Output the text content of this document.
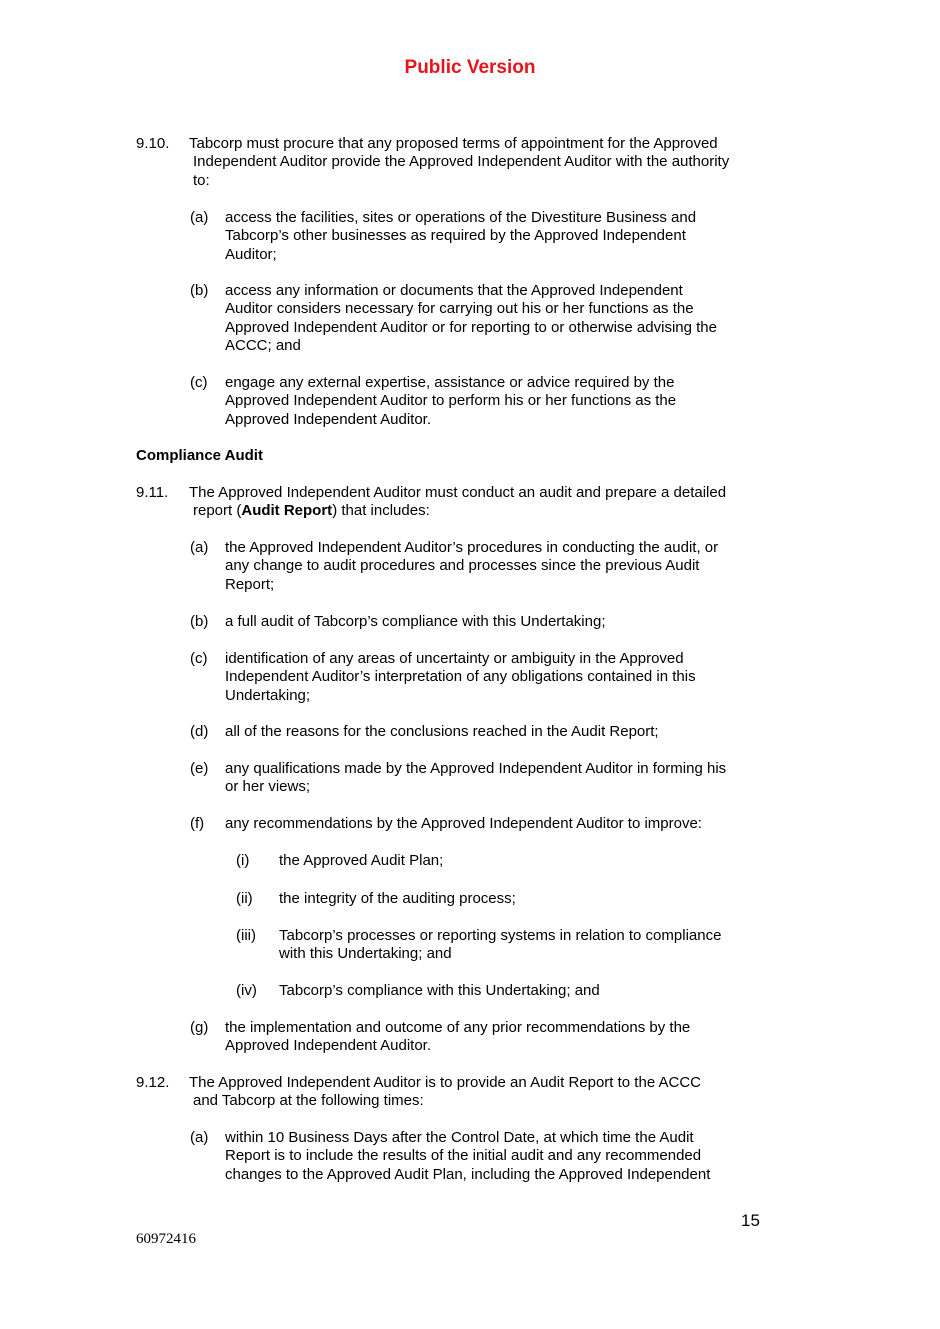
Public Version
9.10. Tabcorp must procure that any proposed terms of appointment for the Approved
Independent Auditor provide the Approved Independent Auditor with the authority
to:
(a) access the facilities, sites or operations of the Divestiture Business and
Tabcorp’s other businesses as required by the Approved Independent
Auditor;
(b) access any information or documents that the Approved Independent
Auditor considers necessary for carrying out his or her functions as the
Approved Independent Auditor or for reporting to or otherwise advising the
ACCC; and
(c) engage any external expertise, assistance or advice required by the
Approved Independent Auditor to perform his or her functions as the
Approved Independent Auditor.
Compliance Audit
9.11. The Approved Independent Auditor must conduct an audit and prepare a detailed
report (Audit Report) that includes:
(a) the Approved Independent Auditor’s procedures in conducting the audit, or
any change to audit procedures and processes since the previous Audit
Report;
(b) a full audit of Tabcorp’s compliance with this Undertaking;
(c) identification of any areas of uncertainty or ambiguity in the Approved
Independent Auditor’s interpretation of any obligations contained in this
Undertaking;
(d) all of the reasons for the conclusions reached in the Audit Report;
(e) any qualifications made by the Approved Independent Auditor in forming his
or her views;
(f) any recommendations by the Approved Independent Auditor to improve:
(i) the Approved Audit Plan;
(ii) the integrity of the auditing process;
(iii) Tabcorp’s processes or reporting systems in relation to compliance
with this Undertaking; and
(iv) Tabcorp’s compliance with this Undertaking; and
(g) the implementation and outcome of any prior recommendations by the
Approved Independent Auditor.
9.12. The Approved Independent Auditor is to provide an Audit Report to the ACCC
and Tabcorp at the following times:
(a) within 10 Business Days after the Control Date, at which time the Audit
Report is to include the results of the initial audit and any recommended
changes to the Approved Audit Plan, including the Approved Independent
15
60972416
